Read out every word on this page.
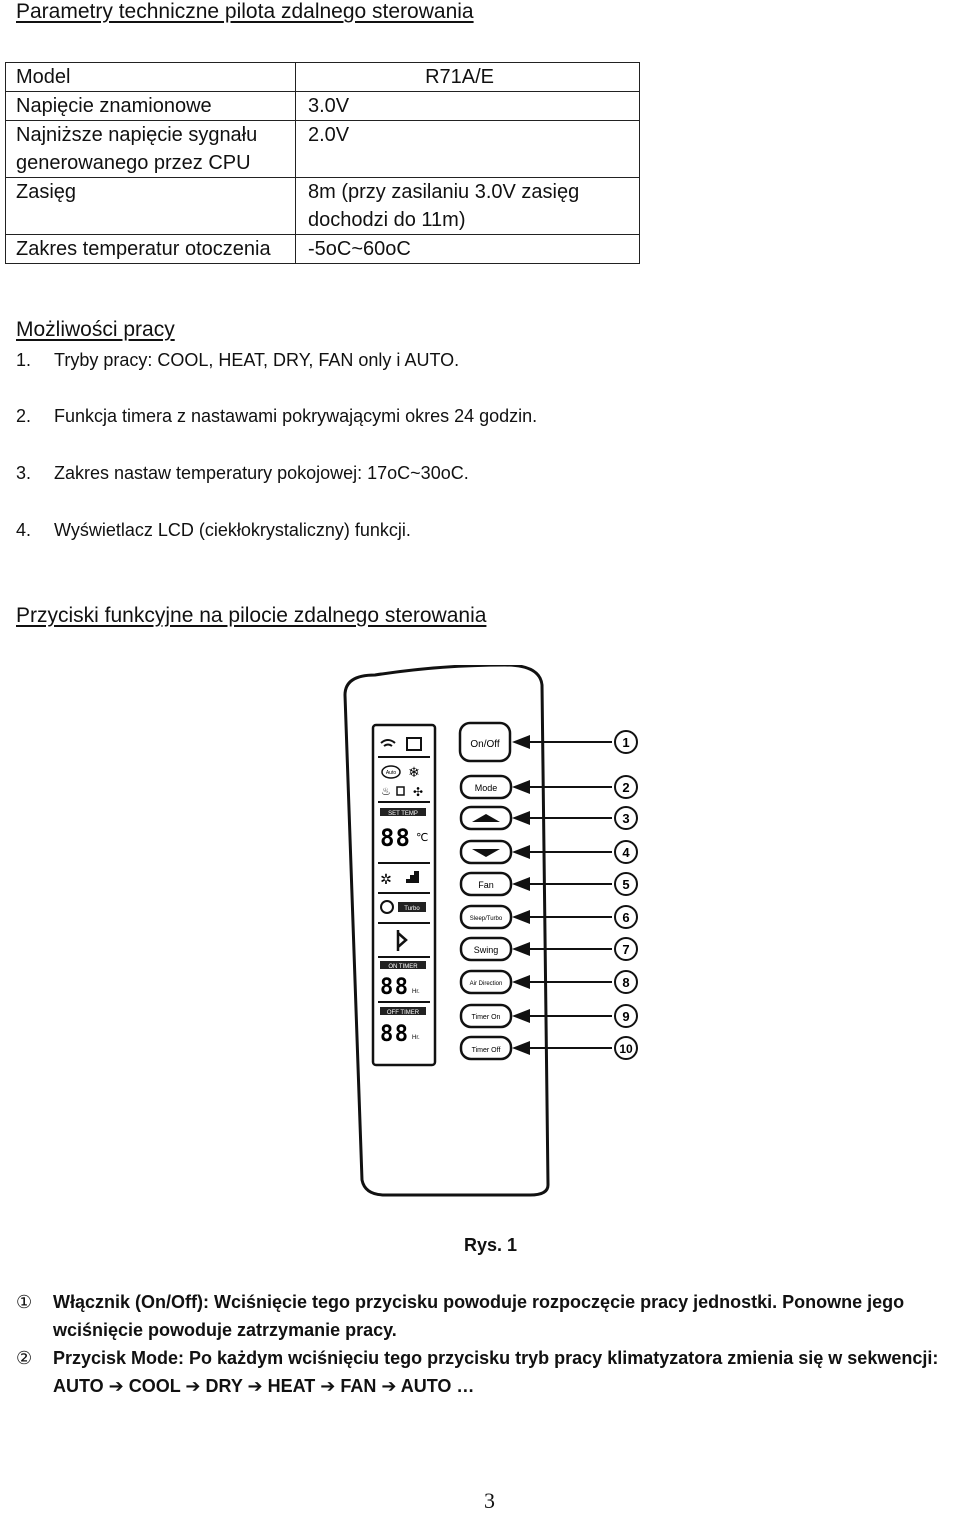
Parametry techniczne pilota zdalnego sterowania
Model	R71A/E

Napięcie znamionowe	3.0V

Najniższe napięcie sygnału
generowanego przez CPU	2.0V
Zasięg	8m (przy zasilaniu 3.0V zasięg
dochodzi do 11m)

Zakres temperatur otoczenia	-5oC~60oC
Możliwości pracy
1. Tryby pracy: COOL, HEAT, DRY, FAN only i AUTO.
2. Funkcja timera z nastawami pokrywającymi okres 24 godzin.
3. Zakres nastaw temperatury pokojowej: 17oC~30oC.
4. Wyświetlacz LCD (ciekłokrystaliczny) funkcji.
Przyciski funkcyjne na pilocie zdalnego sterowania
Auto ❄
♨ ✣
SET TEMP
88 ℃
✲
Turbo
ON TIMER
88 Hr.
OFF TIMER
88 Hr.
On/Off
Mode
Fan
Sleep/Turbo
Swing
Air Direction
Timer On
Timer Off
1
2
3
4
5
6
7
8
9
10
Rys. 1
① Włącznik (On/Off): Wciśnięcie tego przycisku powoduje rozpoczęcie pracy jednostki. Ponowne jego wciśnięcie powoduje zatrzymanie pracy.
② Przycisk Mode: Po każdym wciśnięciu tego przycisku tryb pracy klimatyzatora zmienia się w sekwencji: AUTO ➔ COOL ➔ DRY ➔ HEAT ➔ FAN ➔ AUTO …
3
